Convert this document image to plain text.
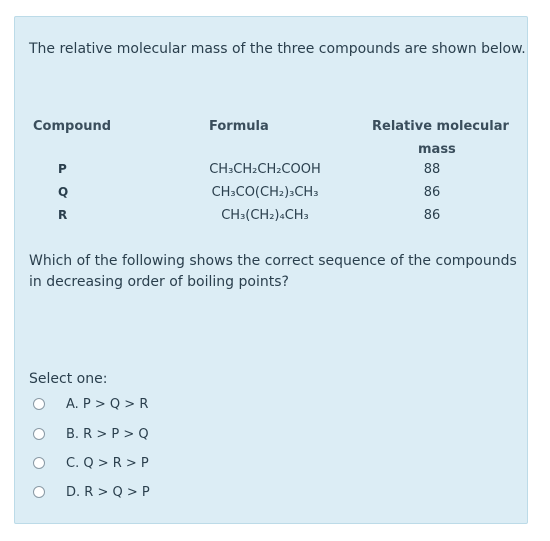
The relative molecular mass of the three compounds are shown below.
Compound	Formula	Relative molecular
mass
P	CH₃CH₂CH₂COOH	88
Q	CH₃CO(CH₂)₃CH₃	86
R	CH₃(CH₂)₄CH₃	86
Which of the following shows the correct sequence of the compounds in decreasing order of boiling points?
Select one:
A. P > Q > R
B. R > P > Q
C. Q > R > P
D. R > Q > P
